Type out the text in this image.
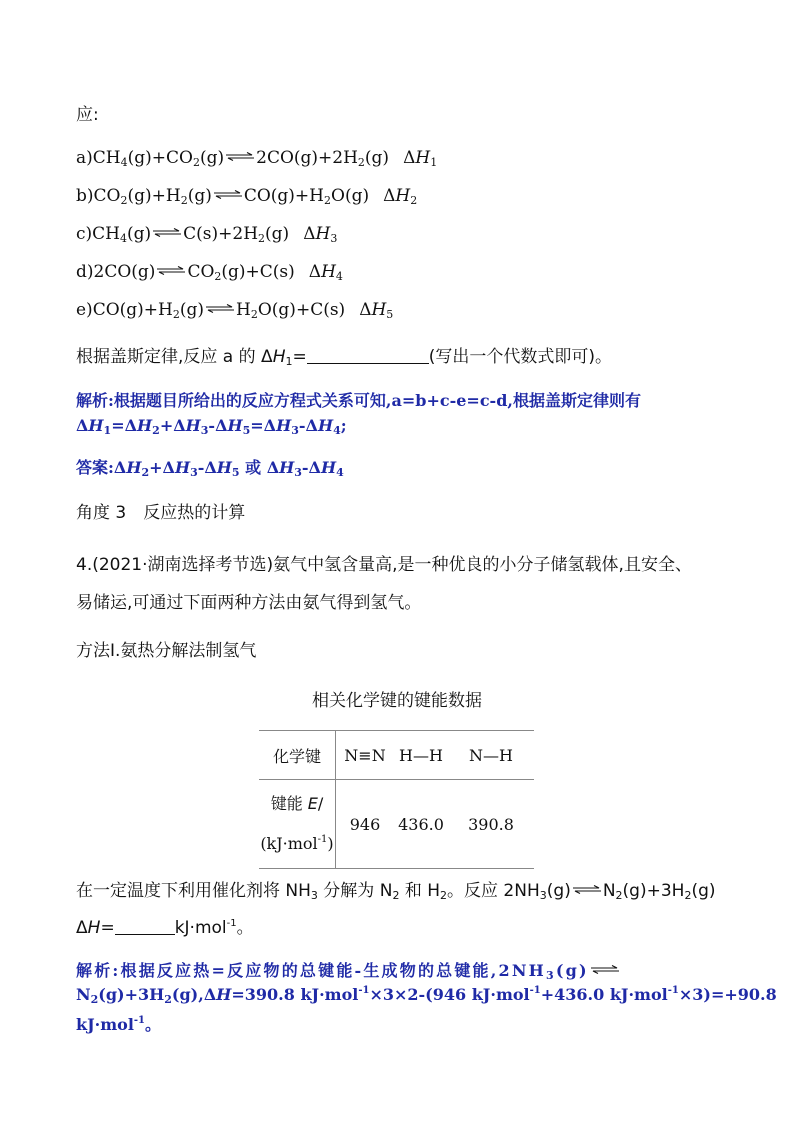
应:
$a)CH_4(g)+CO_2(g)\rightleftharpoons 2CO(g)+2H_2(g)$ $\Delta H_1$
$b)CO_2(g)+H_2(g)\rightleftharpoons CO(g)+H_2O(g)$ $\Delta H_2$
$c)CH_4(g)\rightleftharpoons C(s)+2H_2(g)$ $\Delta H_3$
$d)2CO(g)\rightleftharpoons CO_2(g)+C(s)$ $\Delta H_4$
$e)CO(g)+H_2(g)\rightleftharpoons H_2O(g)+C(s)$ $\Delta H_5$
根据盖斯定律,反应 a 的 $\Delta H_1=$	(写出一个代数式即可)。
解析:根据题目所给出的反应方程式关系可知,a=b+c-e=c-d,根据盖斯定律则有
$\Delta H_1=\Delta H_2+\Delta H_3-\Delta H_5=\Delta H_3-\Delta H_4$;
答案$:\Delta H_2+\Delta H_3-\Delta H_5$ 或 $\Delta H_3-\Delta H_4$
角度 3　反应热的计算
4.(2021·湖南选择考节选)氨气中氢含量高,是一种优良的小分子储氢载体,且安全、
易储运,可通过下面两种方法由氨气得到氢气。
方法Ⅰ.氨热分解法制氢气
相关化学键的键能数据
化学键	N≡N	H—H	N—H

键能 E/
(kJ·mol$^{-1}$)	946	436.0	390.8
在一定温度下利用催化剂将 $NH_3$ 分解为 $N_2$ 和 $H_2$。反应 $2NH_3(g)\rightleftharpoons N_2(g)+3H_2(g)$
ΔH=	kJ·mol$^{-1}$。
解析:根据反应热=反应物的总键能-生成物的总键能$,2NH_3(g)\rightleftharpoons$
$N_2(g)+3H_2(g),\Delta H=390.8$ kJ·mol$^{-1}$×3×2-(946 kJ·mol$^{-1}$+436.0 kJ·mol$^{-1}$×3)=+90.8
kJ·mol$^{-1}$。
